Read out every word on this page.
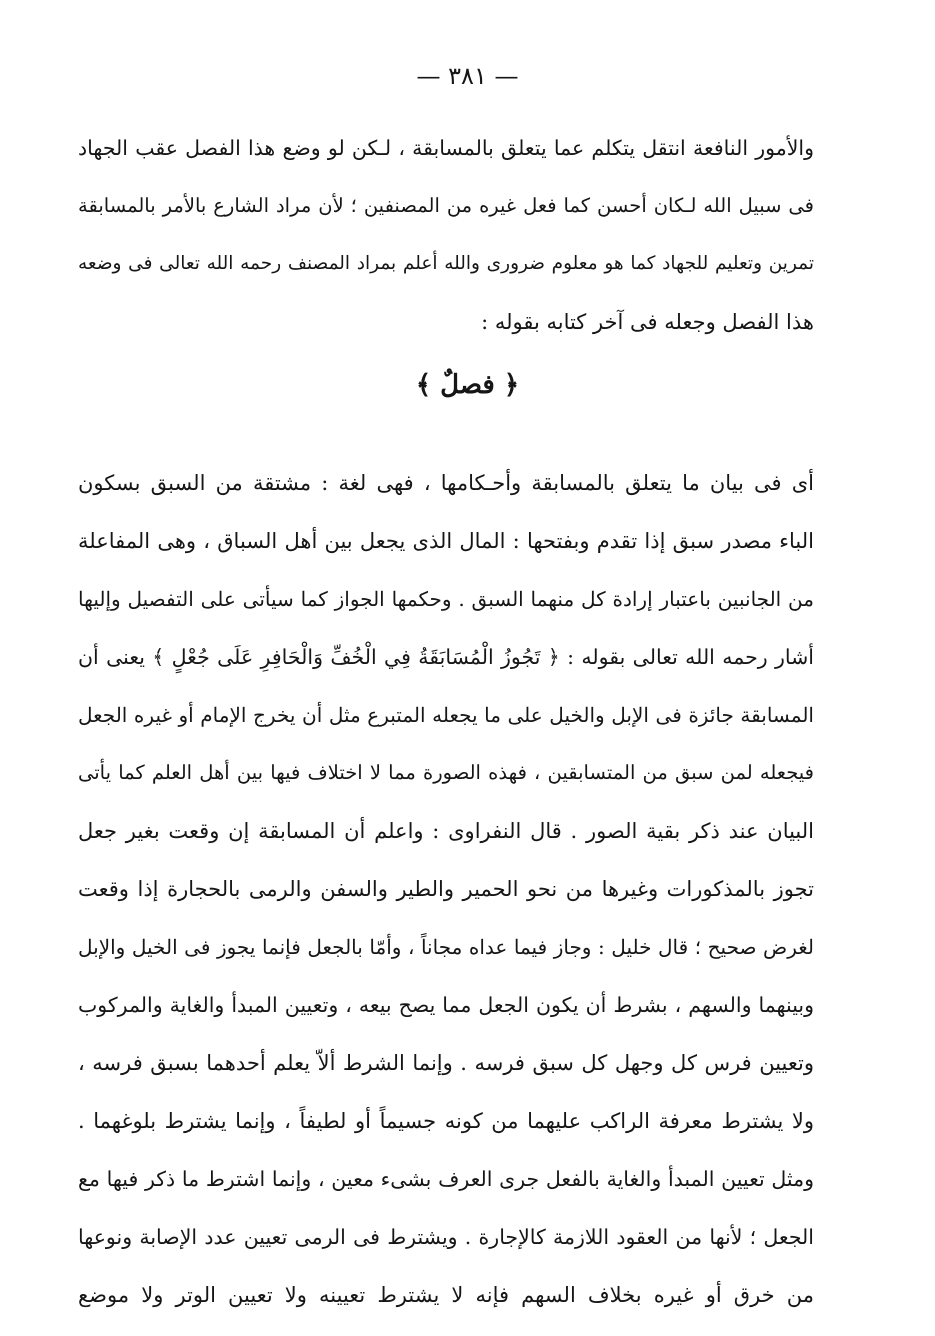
— ٣٨١ —
والأمور النافعة انتقل يتكلم عما يتعلق بالمسابقة ، لـكن لو وضع هذا الفصل عقب الجهاد
فى سبيل الله لـكان أحسن كما فعل غيره من المصنفين ؛ لأن مراد الشارع بالأمر بالمسابقة
تمرين وتعليم للجهاد كما هو معلوم ضرورى والله أعلم بمراد المصنف رحمه الله تعالى فى وضعه
هذا الفصل وجعله فى آخر كتابه بقوله :
﴿ فصلٌ ﴾
أى فى بيان ما يتعلق بالمسابقة وأحـكامها ، فهى لغة : مشتقة من السبق بسكون
الباء مصدر سبق إذا تقدم وبفتحها : المال الذى يجعل بين أهل السباق ، وهى المفاعلة
من الجانبين باعتبار إرادة كل منهما السبق . وحكمها الجواز كما سيأتى على التفصيل وإليها
أشار رحمه الله تعالى بقوله : ﴿ تَجُوزُ الْمُسَابَقَةُ فِي الْخُفِّ وَالْحَافِرِ عَلَى جُعْلٍ ﴾ يعنى أن
المسابقة جائزة فى الإبل والخيل على ما يجعله المتبرع مثل أن يخرج الإمام أو غيره الجعل
فيجعله لمن سبق من المتسابقين ، فهذه الصورة مما لا اختلاف فيها بين أهل العلم كما يأتى
البيان عند ذكر بقية الصور . قال النفراوى : واعلم أن المسابقة إن وقعت بغير جعل
تجوز بالمذكورات وغيرها من نحو الحمير والطير والسفن والرمى بالحجارة إذا وقعت
لغرض صحيح ؛ قال خليل : وجاز فيما عداه مجاناً ، وأمّا بالجعل فإنما يجوز فى الخيل والإبل
وبينهما والسهم ، بشرط أن يكون الجعل مما يصح بيعه ، وتعيين المبدأ والغاية والمركوب
وتعيين فرس كل وجهل كل سبق فرسه . وإنما الشرط ألاّ يعلم أحدهما بسبق فرسه ،
ولا يشترط معرفة الراكب عليهما من كونه جسيماً أو لطيفاً ، وإنما يشترط بلوغهما .
ومثل تعيين المبدأ والغاية بالفعل جرى العرف بشىء معين ، وإنما اشترط ما ذكر فيها مع
الجعل ؛ لأنها من العقود اللازمة كالإجارة . ويشترط فى الرمى تعيين عدد الإصابة ونوعها
من خرق أو غيره بخلاف السهم فإنه لا يشترط تعيينه ولا تعيين الوتر ولا موضع
